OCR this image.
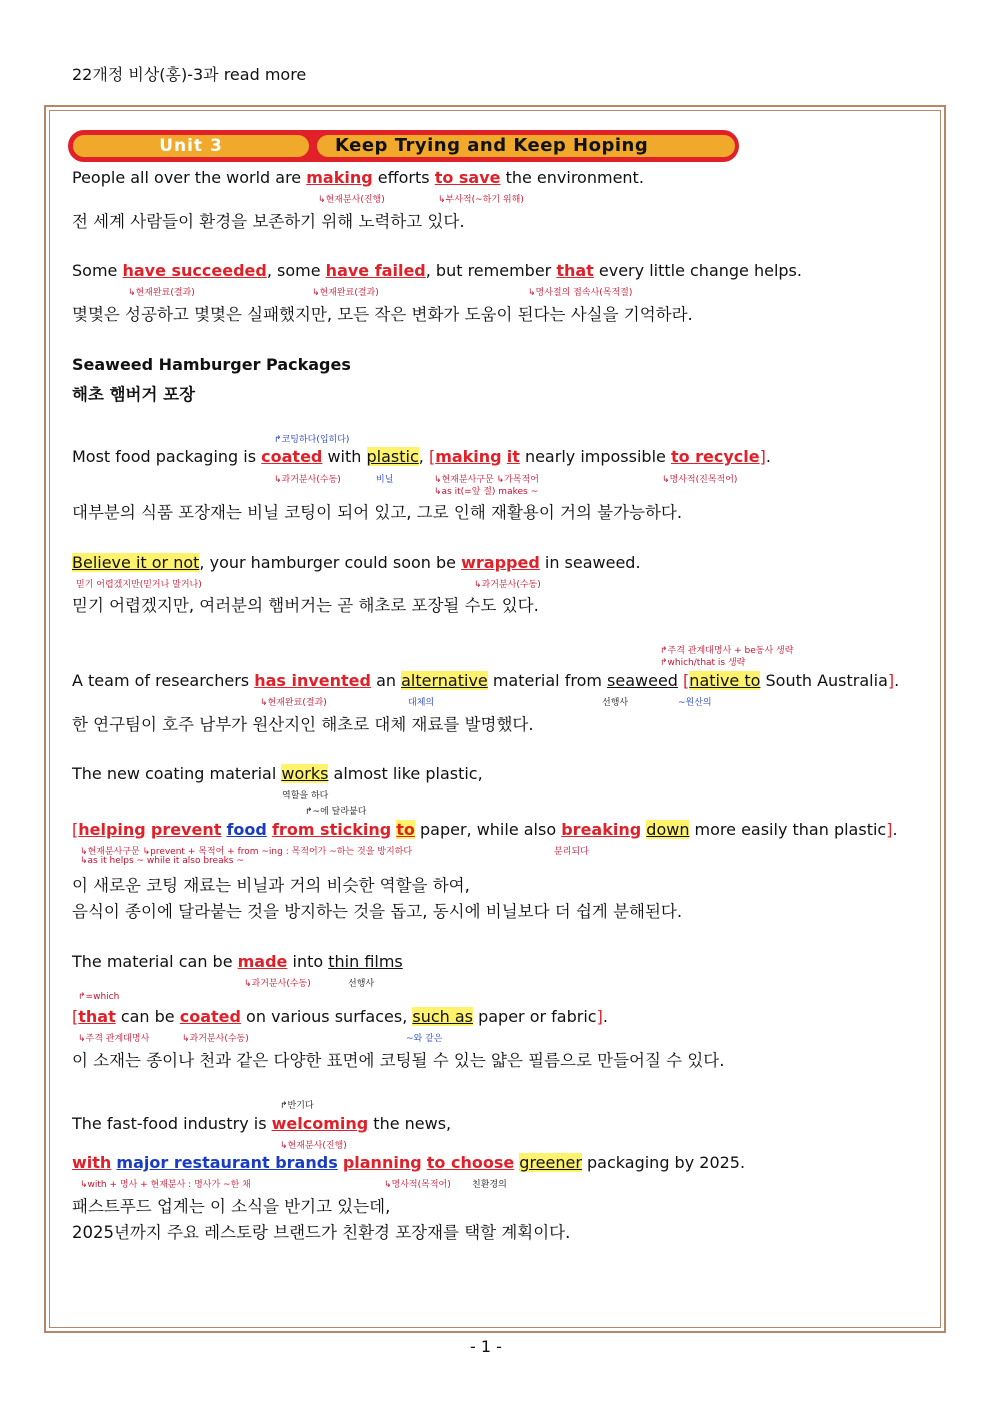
22개정 비상(홍)-3과 read more
Unit 3	Keep Trying and Keep Hoping
People all over the world are making efforts to save the environment.
↳현재분사(진행)	↳부사적(~하기 위해)
전 세계 사람들이 환경을 보존하기 위해 노력하고 있다.
Some have succeeded, some have failed, but remember that every little change helps.
↳현재완료(결과)	↳현재완료(결과)	↳명사절의 접속사(목적절)
몇몇은 성공하고 몇몇은 실패했지만, 모든 작은 변화가 도움이 된다는 사실을 기억하라.
Seaweed Hamburger Packages
해초 햄버거 포장
↱코팅하다(입히다)
Most food packaging is coated with plastic, [making it nearly impossible to recycle].
↳과거분사(수동)	비닐	↳현재분사구문 ↳가목적어
↳as it(=앞 절) makes ~
↳명사적(진목적어)
대부분의 식품 포장재는 비닐 코팅이 되어 있고, 그로 인해 재활용이 거의 불가능하다.
Believe it or not, your hamburger could soon be wrapped in seaweed.
믿기 어렵겠지만(믿거나 말거나)	↳과거분사(수동)
믿기 어렵겠지만, 여러분의 햄버거는 곧 해초로 포장될 수도 있다.
↱주격 관계대명사 + be동사 생략
↱which/that is 생략
A team of researchers has invented an alternative material from seaweed [native to South Australia].
↳현재완료(결과)	대체의	선행사	~원산의
한 연구팀이 호주 남부가 원산지인 해초로 대체 재료를 발명했다.
The new coating material works almost like plastic,
역할을 하다
↱~에 달라붙다
[helping prevent food from sticking to paper, while also breaking down more easily than plastic].
↳현재분사구문 ↳prevent + 목적어 + from ~ing : 목적어가 ~하는 것을 방지하다
↳as it helps ~ while it also breaks ~
분리되다
이 새로운 코팅 재료는 비닐과 거의 비슷한 역할을 하여,
음식이 종이에 달라붙는 것을 방지하는 것을 돕고, 동시에 비닐보다 더 쉽게 분해된다.
The material can be made into thin films
↳과거분사(수동)	선행사
↱=which
[that can be coated on various surfaces, such as paper or fabric].
↳주격 관계대명사	↳과거분사(수동)	~와 같은
이 소재는 종이나 천과 같은 다양한 표면에 코팅될 수 있는 얇은 필름으로 만들어질 수 있다.
↱반기다
The fast-food industry is welcoming the news,
↳현재분사(진행)
with major restaurant brands planning to choose greener packaging by 2025.
↳with + 명사 + 현재분사 : 명사가 ~한 채	↳명사적(목적어) 친환경의
패스트푸드 업계는 이 소식을 반기고 있는데,
2025년까지 주요 레스토랑 브랜드가 친환경 포장재를 택할 계획이다.
- 1 -
